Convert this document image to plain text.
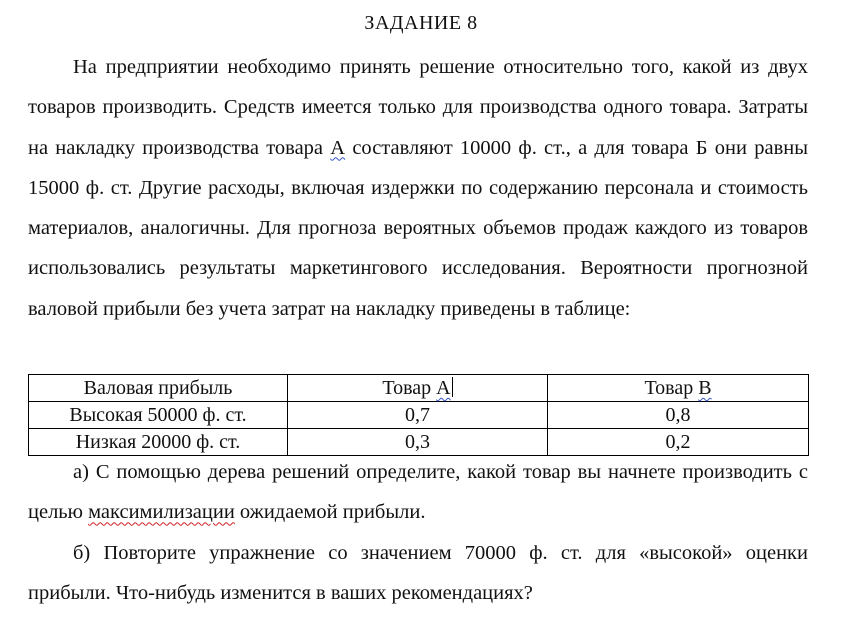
ЗАДАНИЕ 8

На предприятии необходимо принять решение относительно того, какой из двух товаров производить. Средств имеется только для производства одного товара. Затраты на накладку производства товара А составляют 10000 ф. ст., а для товара Б они равны 15000 ф. ст. Другие расходы, включая издержки по содержанию персонала и стоимость материалов, аналогичны. Для прогноза вероятных объемов продаж каждого из товаров использовались результаты маркетингового исследования. Вероятности прогнозной валовой прибыли без учета затрат на накладку приведены в таблице:

Валовая прибыль	Товар А	Товар В
Высокая 50000 ф. ст.	0,7	0,8
Низкая 20000 ф. ст.	0,3	0,2

а) С помощью дерева решений определите, какой товар вы начнете производить с целью максимилизации ожидаемой прибыли.

б) Повторите упражнение со значением 70000 ф. ст. для «высокой» оценки прибыли. Что-нибудь изменится в ваших рекомендациях?
